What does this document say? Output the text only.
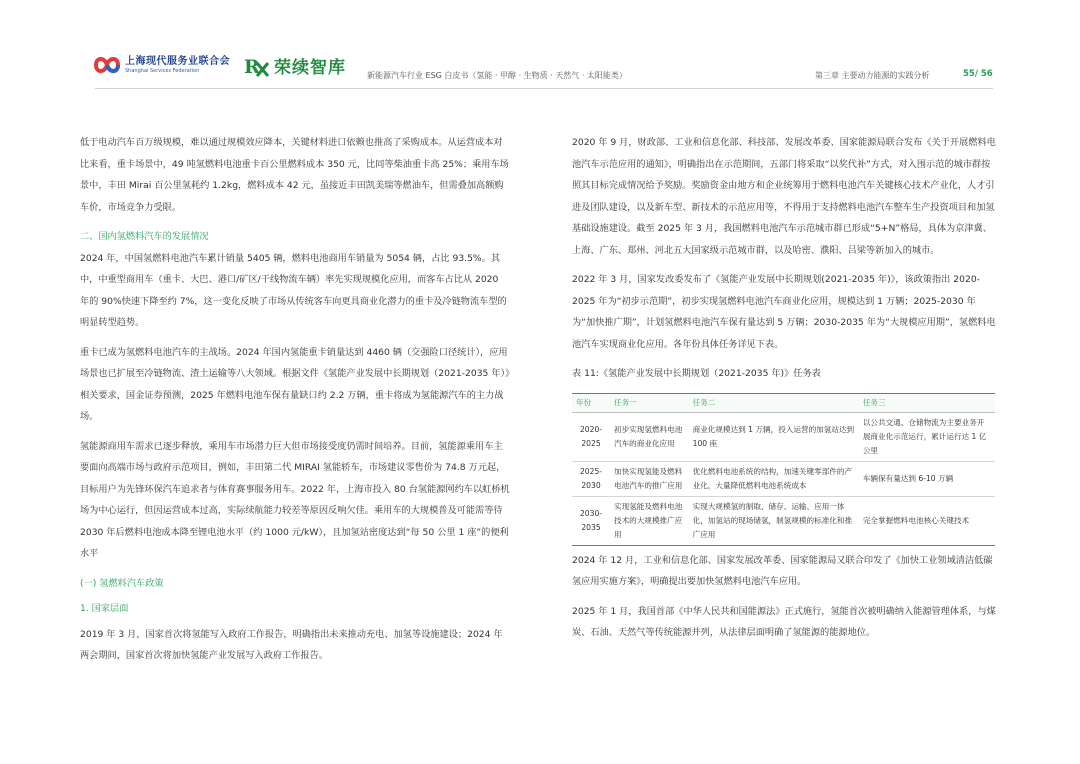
上海现代服务业联合会
Shanghai Services Federation	R 荣续智库	新能源汽车行业 ESG 白皮书（氢能 · 甲醇 · 生物质 · 天然气 · 太阳能类）	第三章 主要动力能源的实践分析	55/ 56

低于电动汽车百万级规模，难以通过规模效应降本，关键材料进口依赖也推高了采购成本。从运营成本对比来看，重卡场景中，49 吨氢燃料电池重卡百公里燃料成本 350 元，比同等柴油重卡高 25%；乘用车场景中，丰田 Mirai 百公里氢耗约 1.2kg，燃料成本 42 元，虽接近丰田凯美瑞等燃油车，但需叠加高额购车价，市场竞争力受限。

二、国内氢燃料汽车的发展情况

2024 年，中国氢燃料电池汽车累计销量 5405 辆，燃料电池商用车销量为 5054 辆，占比 93.5%。其中，中重型商用车（重卡、大巴、港口/矿区/干线物流车辆）率先实现规模化应用，而客车占比从 2020 年的 90%快速下降至约 7%，这一变化反映了市场从传统客车向更具商业化潜力的重卡及冷链物流车型的明显转型趋势。

重卡已成为氢燃料电池汽车的主战场。2024 年国内氢能重卡销量达到 4460 辆（交强险口径统计），应用场景也已扩展至冷链物流、渣土运输等八大领域。根据文件《氢能产业发展中长期规划（2021-2035 年）》相关要求，国金证券预测，2025 年燃料电池车保有量缺口约 2.2 万辆，重卡将成为氢能源汽车的主力战场。

氢能源商用车需求已逐步释放，乘用车市场潜力巨大但市场接受度仍需时间培养。目前，氢能源乘用车主要面向高端市场与政府示范项目，例如，丰田第二代 MIRAI 氢能轿车，市场建议零售价为 74.8 万元起，目标用户为先锋环保汽车追求者与体育赛事服务用车。2022 年，上海市投入 80 台氢能源网约车以虹桥机场为中心运行，但因运营成本过高，实际续航能力较差等原因反响欠佳。乘用车的大规模普及可能需等待 2030 年后燃料电池成本降至锂电池水平（约 1000 元/kW），且加氢站密度达到“每 50 公里 1 座”的便利水平

(一) 氢燃料汽车政策
1. 国家层面

2019 年 3 月，国家首次将氢能写入政府工作报告，明确指出未来推动充电、加氢等设施建设；2024 年两会期间，国家首次将加快氢能产业发展写入政府工作报告。

2020 年 9 月，财政部、工业和信息化部、科技部、发展改革委、国家能源局联合发布《关于开展燃料电池汽车示范应用的通知》，明确指出在示范期间，五部门将采取“以奖代补”方式，对入围示范的城市群按照其目标完成情况给予奖励。奖励资金由地方和企业统筹用于燃料电池汽车关键核心技术产业化，人才引进及团队建设，以及新车型、新技术的示范应用等，不得用于支持燃料电池汽车整车生产投资项目和加氢基础设施建设。截至 2025 年 3 月，我国燃料电池汽车示范城市群已形成“5+N”格局，具体为京津冀、上海、广东、郑州、河北五大国家级示范城市群，以及哈密、濮阳、吕梁等新加入的城市。

2022 年 3 月，国家发改委发布了《氢能产业发展中长期规划(2021-2035 年)》，该政策指出 2020-2025 年为“初步示范期”，初步实现氢燃料电池汽车商业化应用，规模达到 1 万辆；2025-2030 年为“加快推广期”，计划氢燃料电池汽车保有量达到 5 万辆；2030-2035 年为“大规模应用期”，氢燃料电池汽车实现商业化应用。各年份具体任务详见下表。

表 11:《氢能产业发展中长期规划（2021-2035 年)》任务表

年份	任务一	任务二	任务三
2020-2025	初步实现氢燃料电池汽车的商业化应用	商业化规模达到 1 万辆，投入运营的加氢站达到 100 座	以公共交通、仓储物流为主要业务开展商业化示范运行，累计运行达 1 亿公里
2025-2030	加快实现氢能及燃料电池汽车的推广应用	优化燃料电池系统的结构，加速关键零部件的产业化，大量降低燃料电池系统成本	车辆保有量达到 6-10 万辆
2030-2035	实现氢能及燃料电池技术的大规模推广应用	实现大规模氢的制取、储存、运输、应用一体化，加氢站的现场储氢，制氢规模的标准化和推广应用	完全掌握燃料电池核心关键技术

2024 年 12 月，工业和信息化部、国家发展改革委、国家能源局又联合印发了《加快工业领域清洁低碳氢应用实施方案》，明确提出要加快氢燃料电池汽车应用。

2025 年 1 月，我国首部《中华人民共和国能源法》正式施行，氢能首次被明确纳入能源管理体系，与煤炭、石油、天然气等传统能源并列，从法律层面明确了氢能源的能源地位。
